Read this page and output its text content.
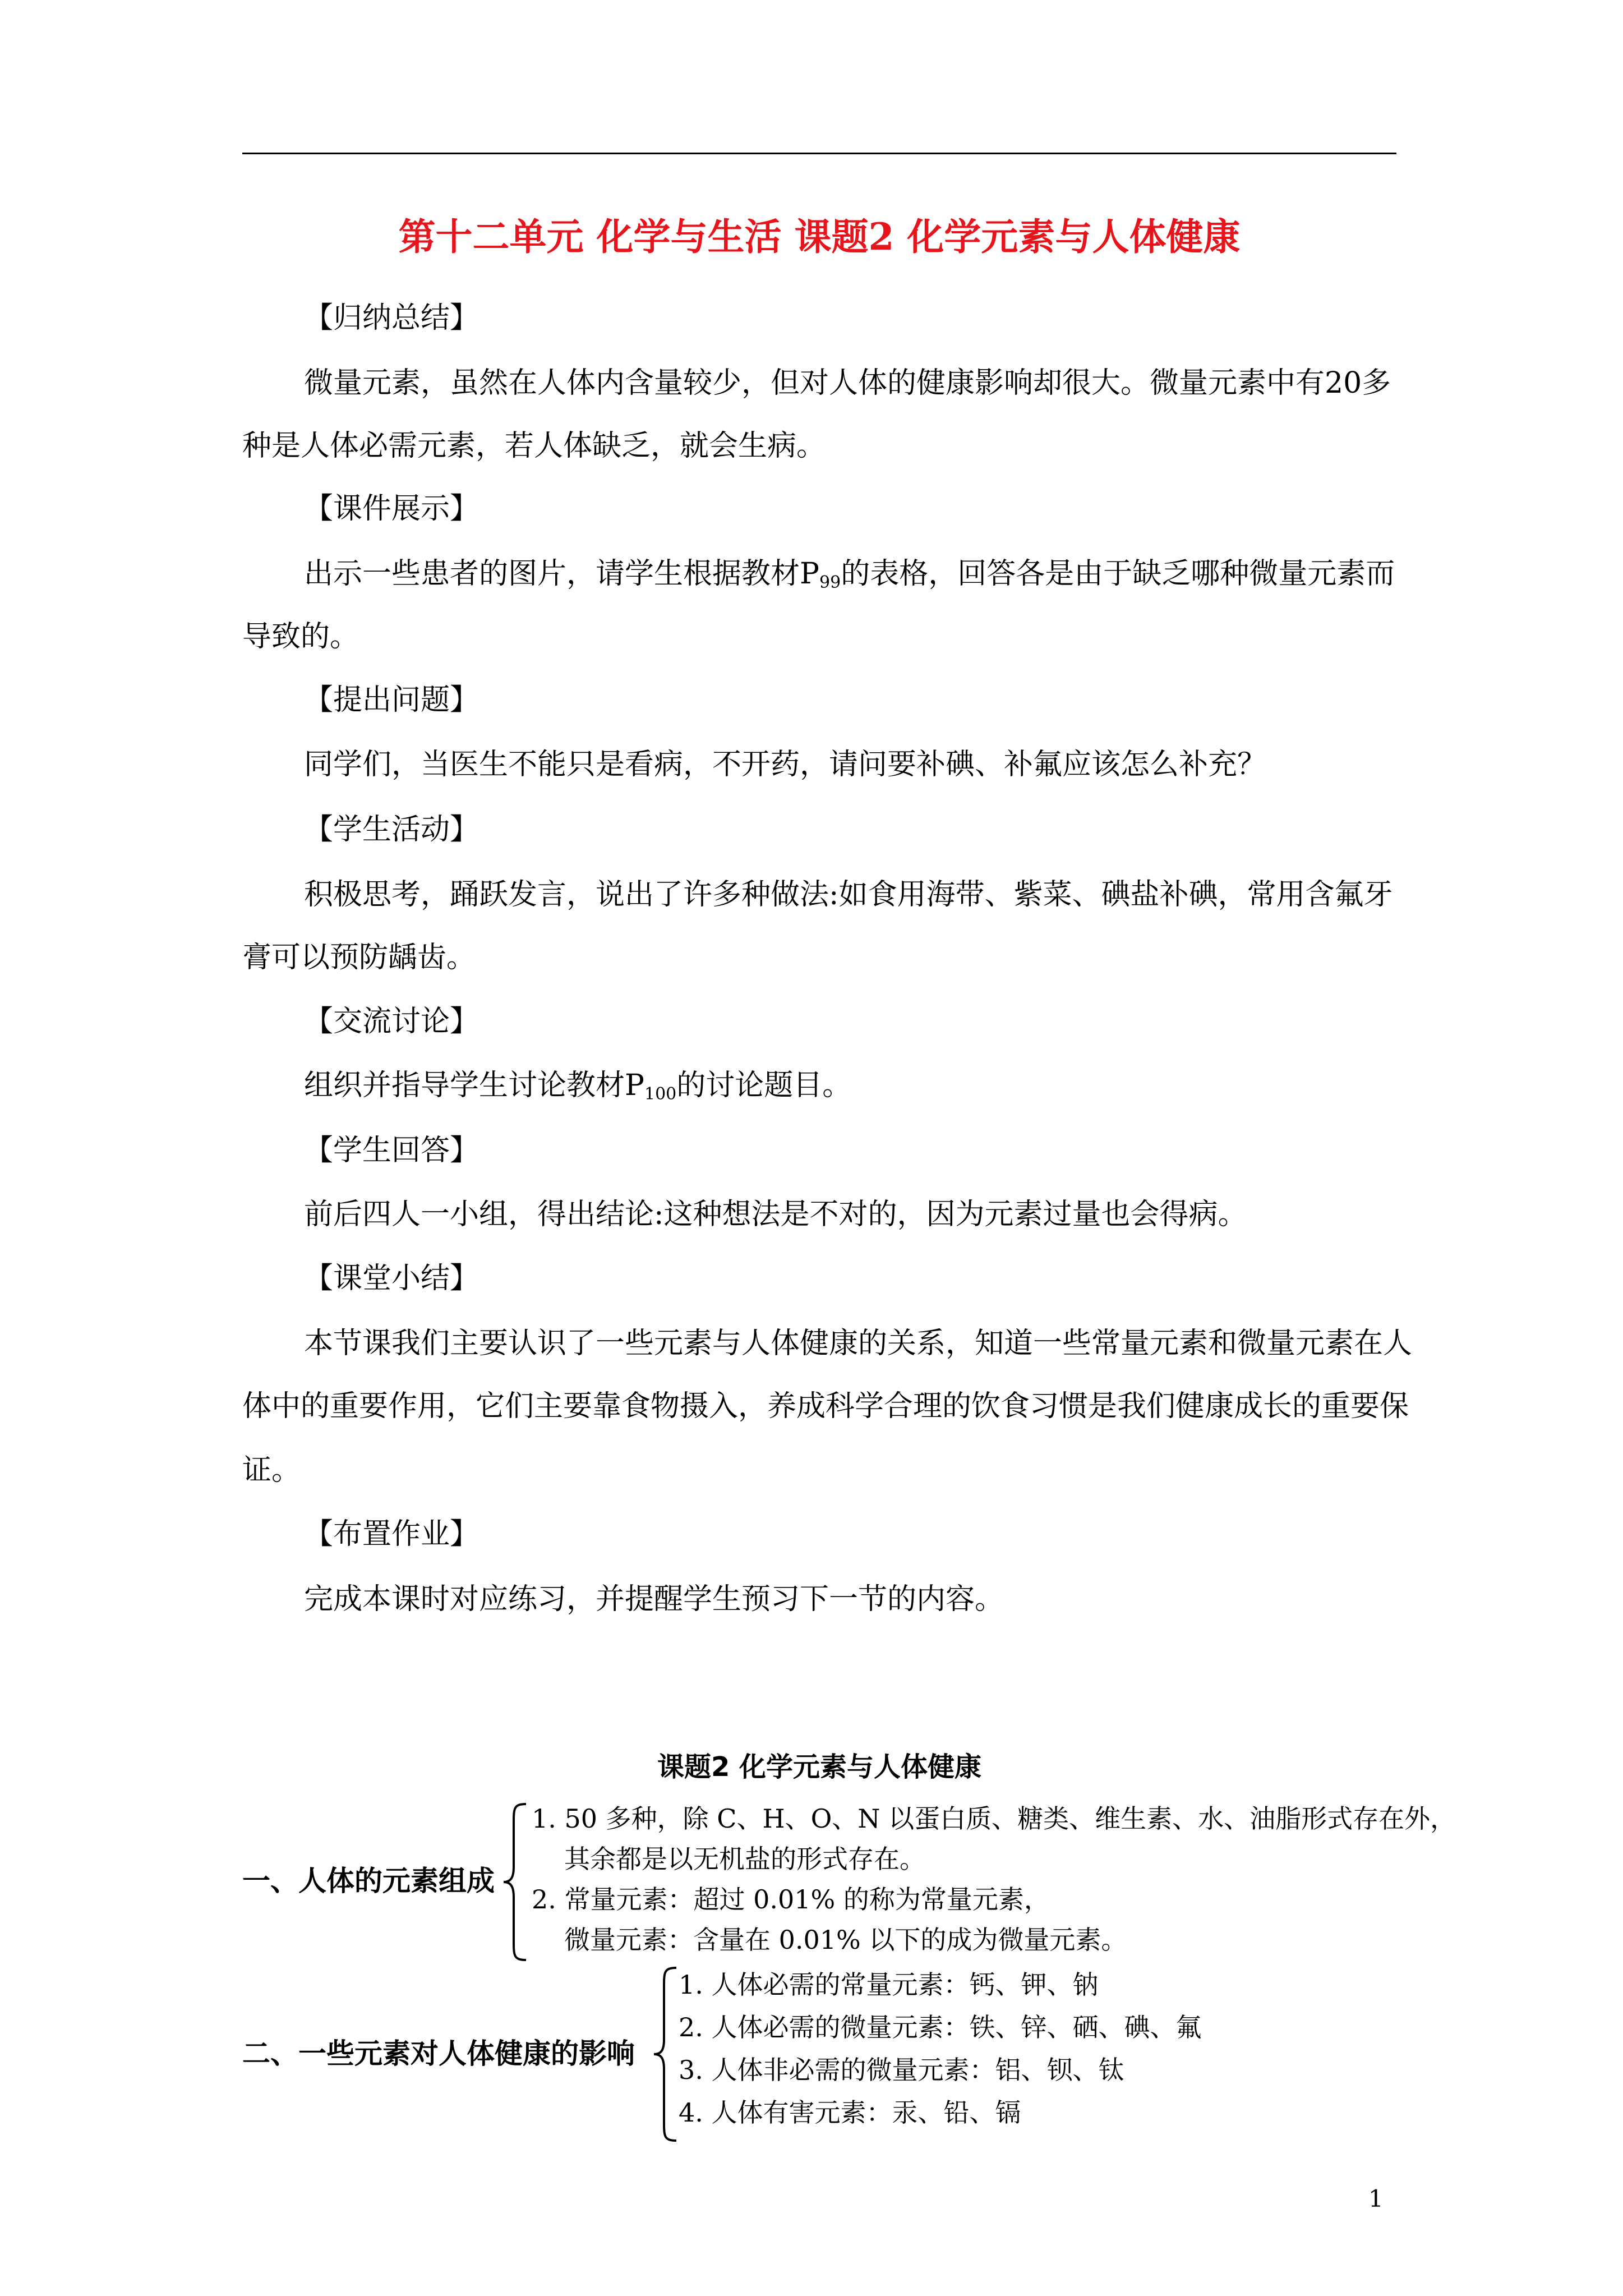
第十二单元 化学与生活 课题2 化学元素与人体健康
【归纳总结】
微量元素，虽然在人体内含量较少，但对人体的健康影响却很大。微量元素中有20多
种是人体必需元素，若人体缺乏，就会生病。
【课件展示】
出示一些患者的图片，请学生根据教材$P_{99}$的表格，回答各是由于缺乏哪种微量元素而
导致的。
【提出问题】
同学们，当医生不能只是看病，不开药，请问要补碘、补氟应该怎么补充？
【学生活动】
积极思考，踊跃发言，说出了许多种做法:如食用海带、紫菜、碘盐补碘，常用含氟牙
膏可以预防龋齿。
【交流讨论】
组织并指导学生讨论教材$P_{100}$的讨论题目。
【学生回答】
前后四人一小组，得出结论:这种想法是不对的，因为元素过量也会得病。
【课堂小结】
本节课我们主要认识了一些元素与人体健康的关系，知道一些常量元素和微量元素在人
体中的重要作用，它们主要靠食物摄入，养成科学合理的饮食习惯是我们健康成长的重要保
证。
【布置作业】
完成本课时对应练习，并提醒学生预习下一节的内容。
课题2 化学元素与人体健康
一、人体的元素组成
1. 50 多种，除 C、H、O、N 以蛋白质、糖类、维生素、水、油脂形式存在外，
其余都是以无机盐的形式存在。
2. 常量元素：超过 0.01% 的称为常量元素，
微量元素：含量在 0.01% 以下的成为微量元素。
二、一些元素对人体健康的影响
1. 人体必需的常量元素：钙、钾、钠
2. 人体必需的微量元素：铁、锌、硒、碘、氟
3. 人体非必需的微量元素：铝、钡、钛
4. 人体有害元素：汞、铅、镉
1
